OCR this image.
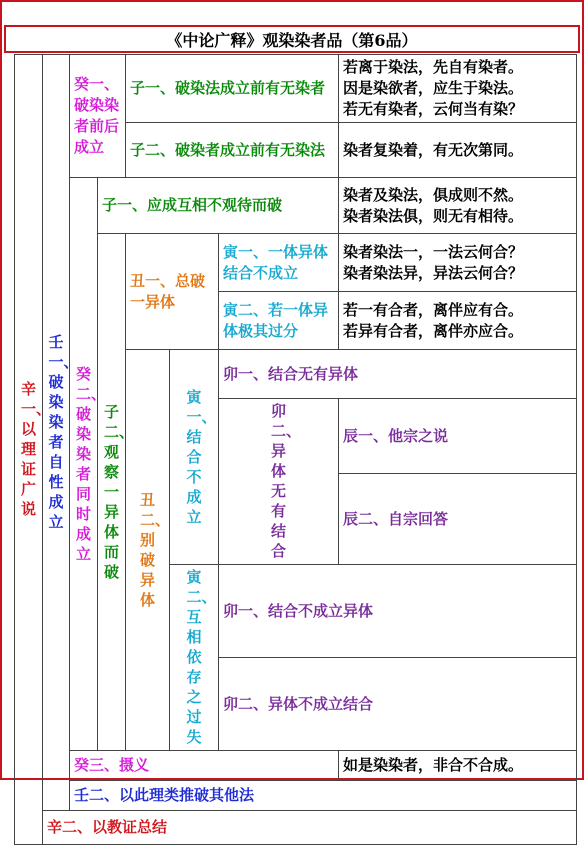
《中论广释》观染染者品（第6品）
辛一、以理证广说	壬一、破染染者自性成立	癸一、破染染者前后成立		子一、破染法成立前有无染者			若离于染法，先自有染者。
因是染欲者，应生于染法。
若无有染者，云何当有染？	

				子二、破染者成立前有无染法			染者复染着，有无次第同。	

		癸二、破染染者同时成立	子一、应成互相不观待而破				染者及染法，俱成则不然。
染者染法俱，则无有相待。	

			子二、观察一异体而破	丑一、总破一异体		寅一、一体异体结合不成立	染者染法一，一法云何合？
染者染法异，异法云何合？	

						寅二、若一体异体极其过分	若一有合者，离伴应有合。
若异有合者，离伴亦应合。	

				丑二、别破异体	寅一、结合不成立	卯一、结合无有异体	

						卯二、异体无有结合	辰一、他宗之说	

							辰二、自宗回答	

					寅二、互相依存之过失	卯一、结合不成立异体	

						卯二、异体不成立结合	

		癸三、摄义					如是染染者，非合不合成。	

		壬二、以此理类推破其他法	

	辛二、以教证总结							
